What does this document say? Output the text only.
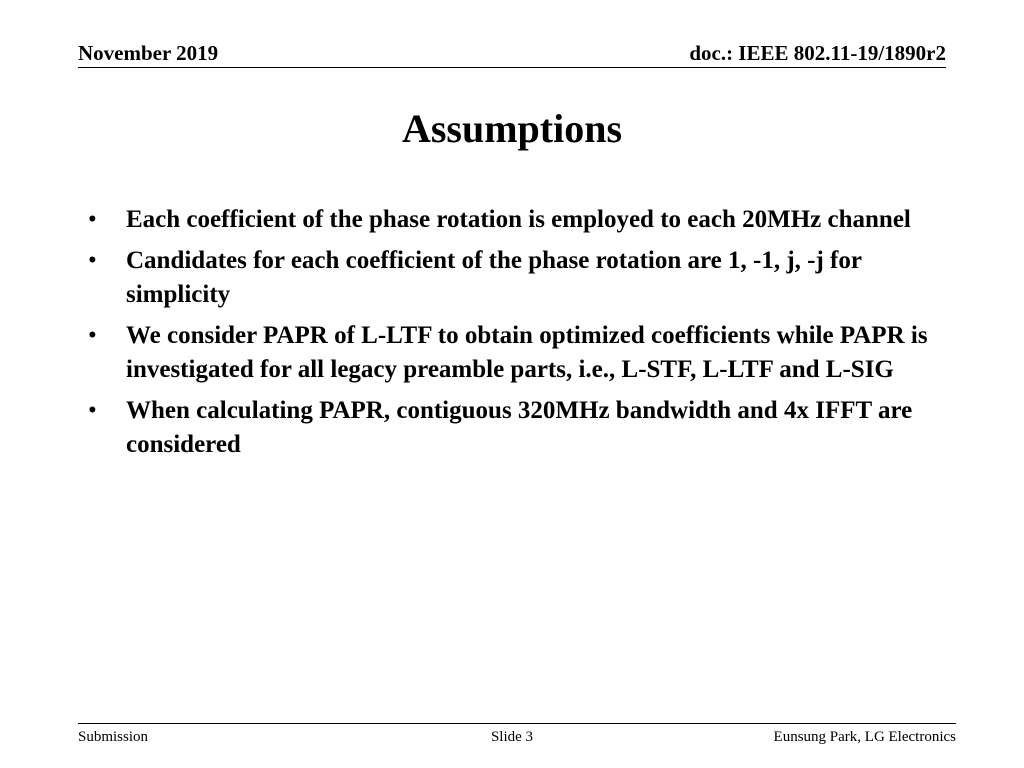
November 2019	doc.: IEEE 802.11-19/1890r2
Assumptions
• Each coefficient of the phase rotation is employed to each 20MHz channel
• Candidates for each coefficient of the phase rotation are 1, -1, j, -j for simplicity
• We consider PAPR of L-LTF to obtain optimized coefficients while PAPR is investigated for all legacy preamble parts, i.e., L-STF, L-LTF and L-SIG
• When calculating PAPR, contiguous 320MHz bandwidth and 4x IFFT are considered
Submission	Slide 3	Eunsung Park, LG Electronics
